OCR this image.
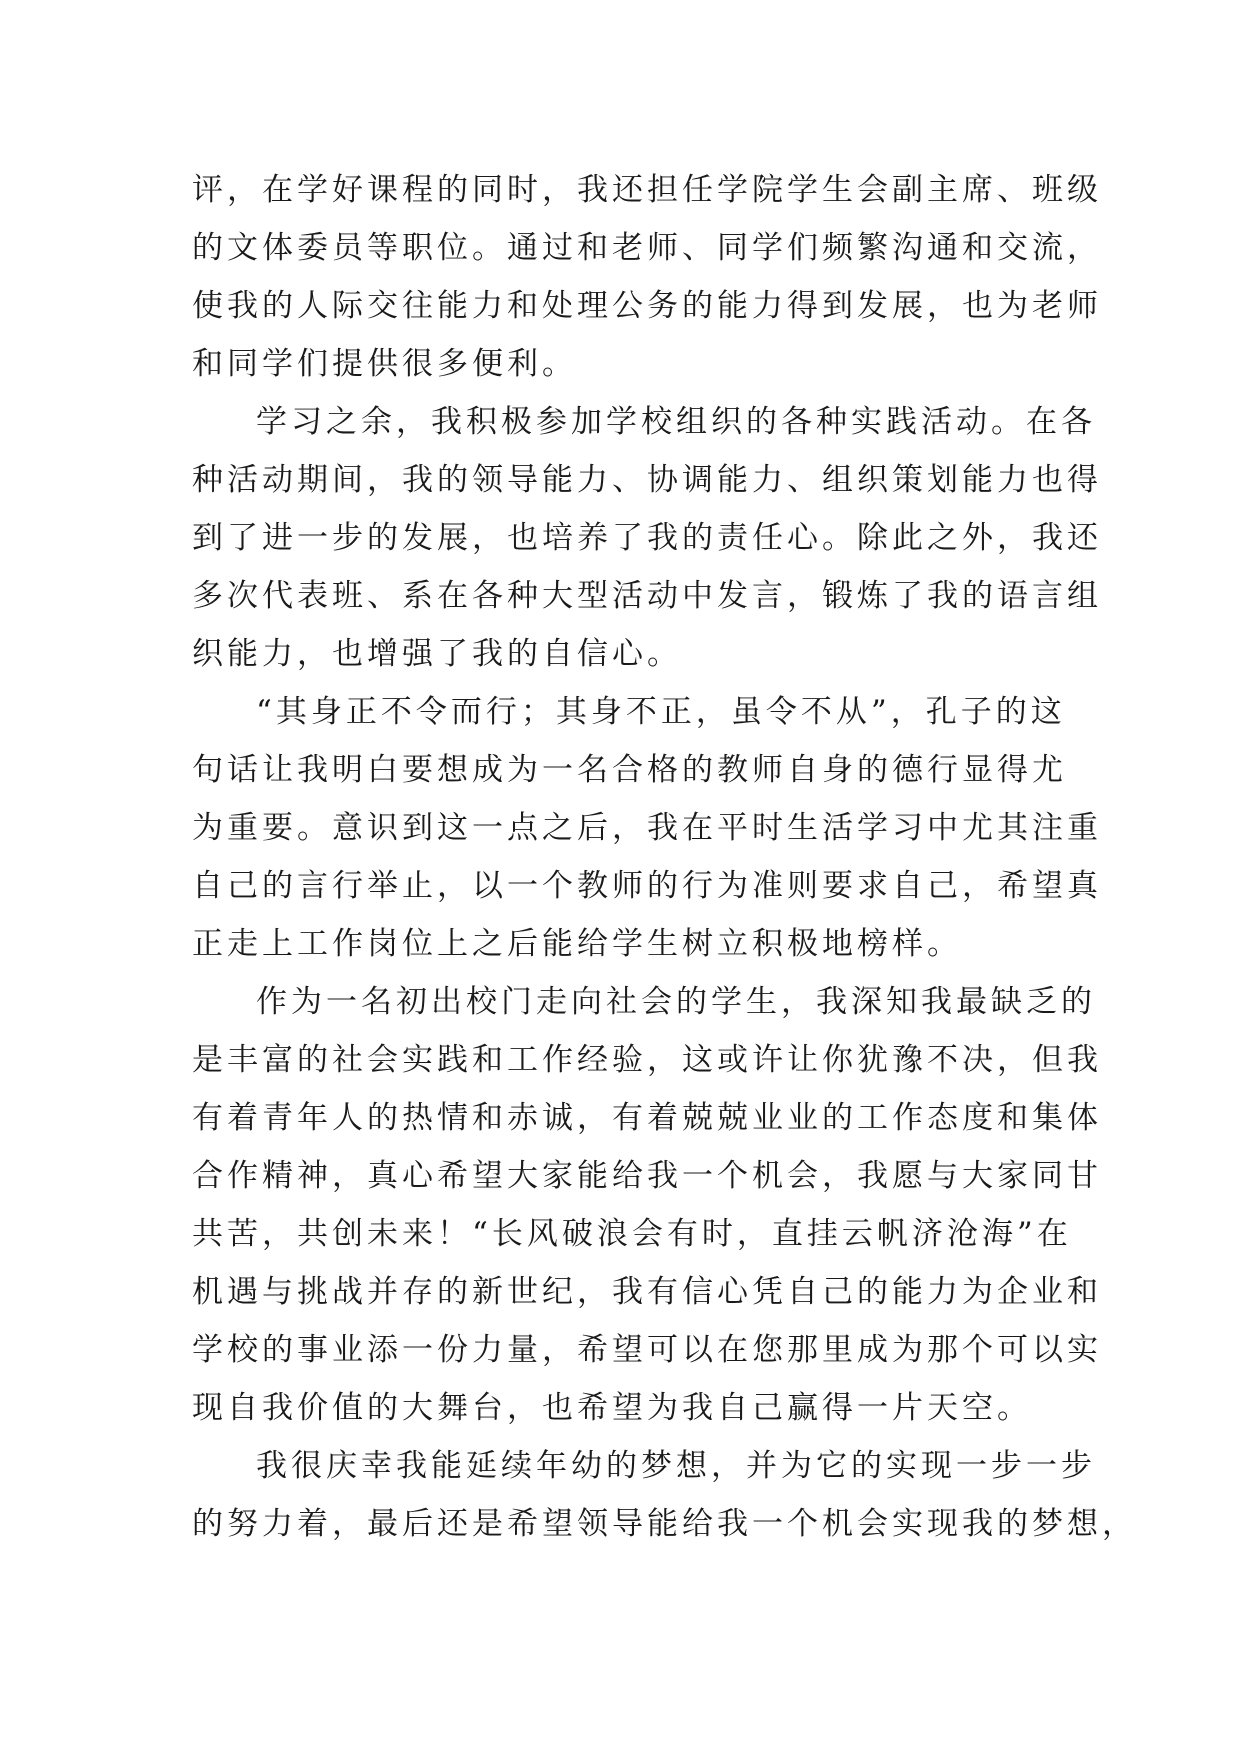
评，在学好课程的同时，我还担任学院学生会副主席、班级
的文体委员等职位。通过和老师、同学们频繁沟通和交流，
使我的人际交往能力和处理公务的能力得到发展，也为老师
和同学们提供很多便利。
学习之余，我积极参加学校组织的各种实践活动。在各
种活动期间，我的领导能力、协调能力、组织策划能力也得
到了进一步的发展，也培养了我的责任心。除此之外，我还
多次代表班、系在各种大型活动中发言，锻炼了我的语言组
织能力，也增强了我的自信心。
“其身正不令而行；其身不正，虽令不从”，孔子的这
句话让我明白要想成为一名合格的教师自身的德行显得尤
为重要。意识到这一点之后，我在平时生活学习中尤其注重
自己的言行举止，以一个教师的行为准则要求自己，希望真
正走上工作岗位上之后能给学生树立积极地榜样。
作为一名初出校门走向社会的学生，我深知我最缺乏的
是丰富的社会实践和工作经验，这或许让你犹豫不决，但我
有着青年人的热情和赤诚，有着兢兢业业的工作态度和集体
合作精神，真心希望大家能给我一个机会，我愿与大家同甘
共苦，共创未来！“长风破浪会有时，直挂云帆济沧海”在
机遇与挑战并存的新世纪，我有信心凭自己的能力为企业和
学校的事业添一份力量，希望可以在您那里成为那个可以实
现自我价值的大舞台，也希望为我自己赢得一片天空。
我很庆幸我能延续年幼的梦想，并为它的实现一步一步
的努力着，最后还是希望领导能给我一个机会实现我的梦想，
